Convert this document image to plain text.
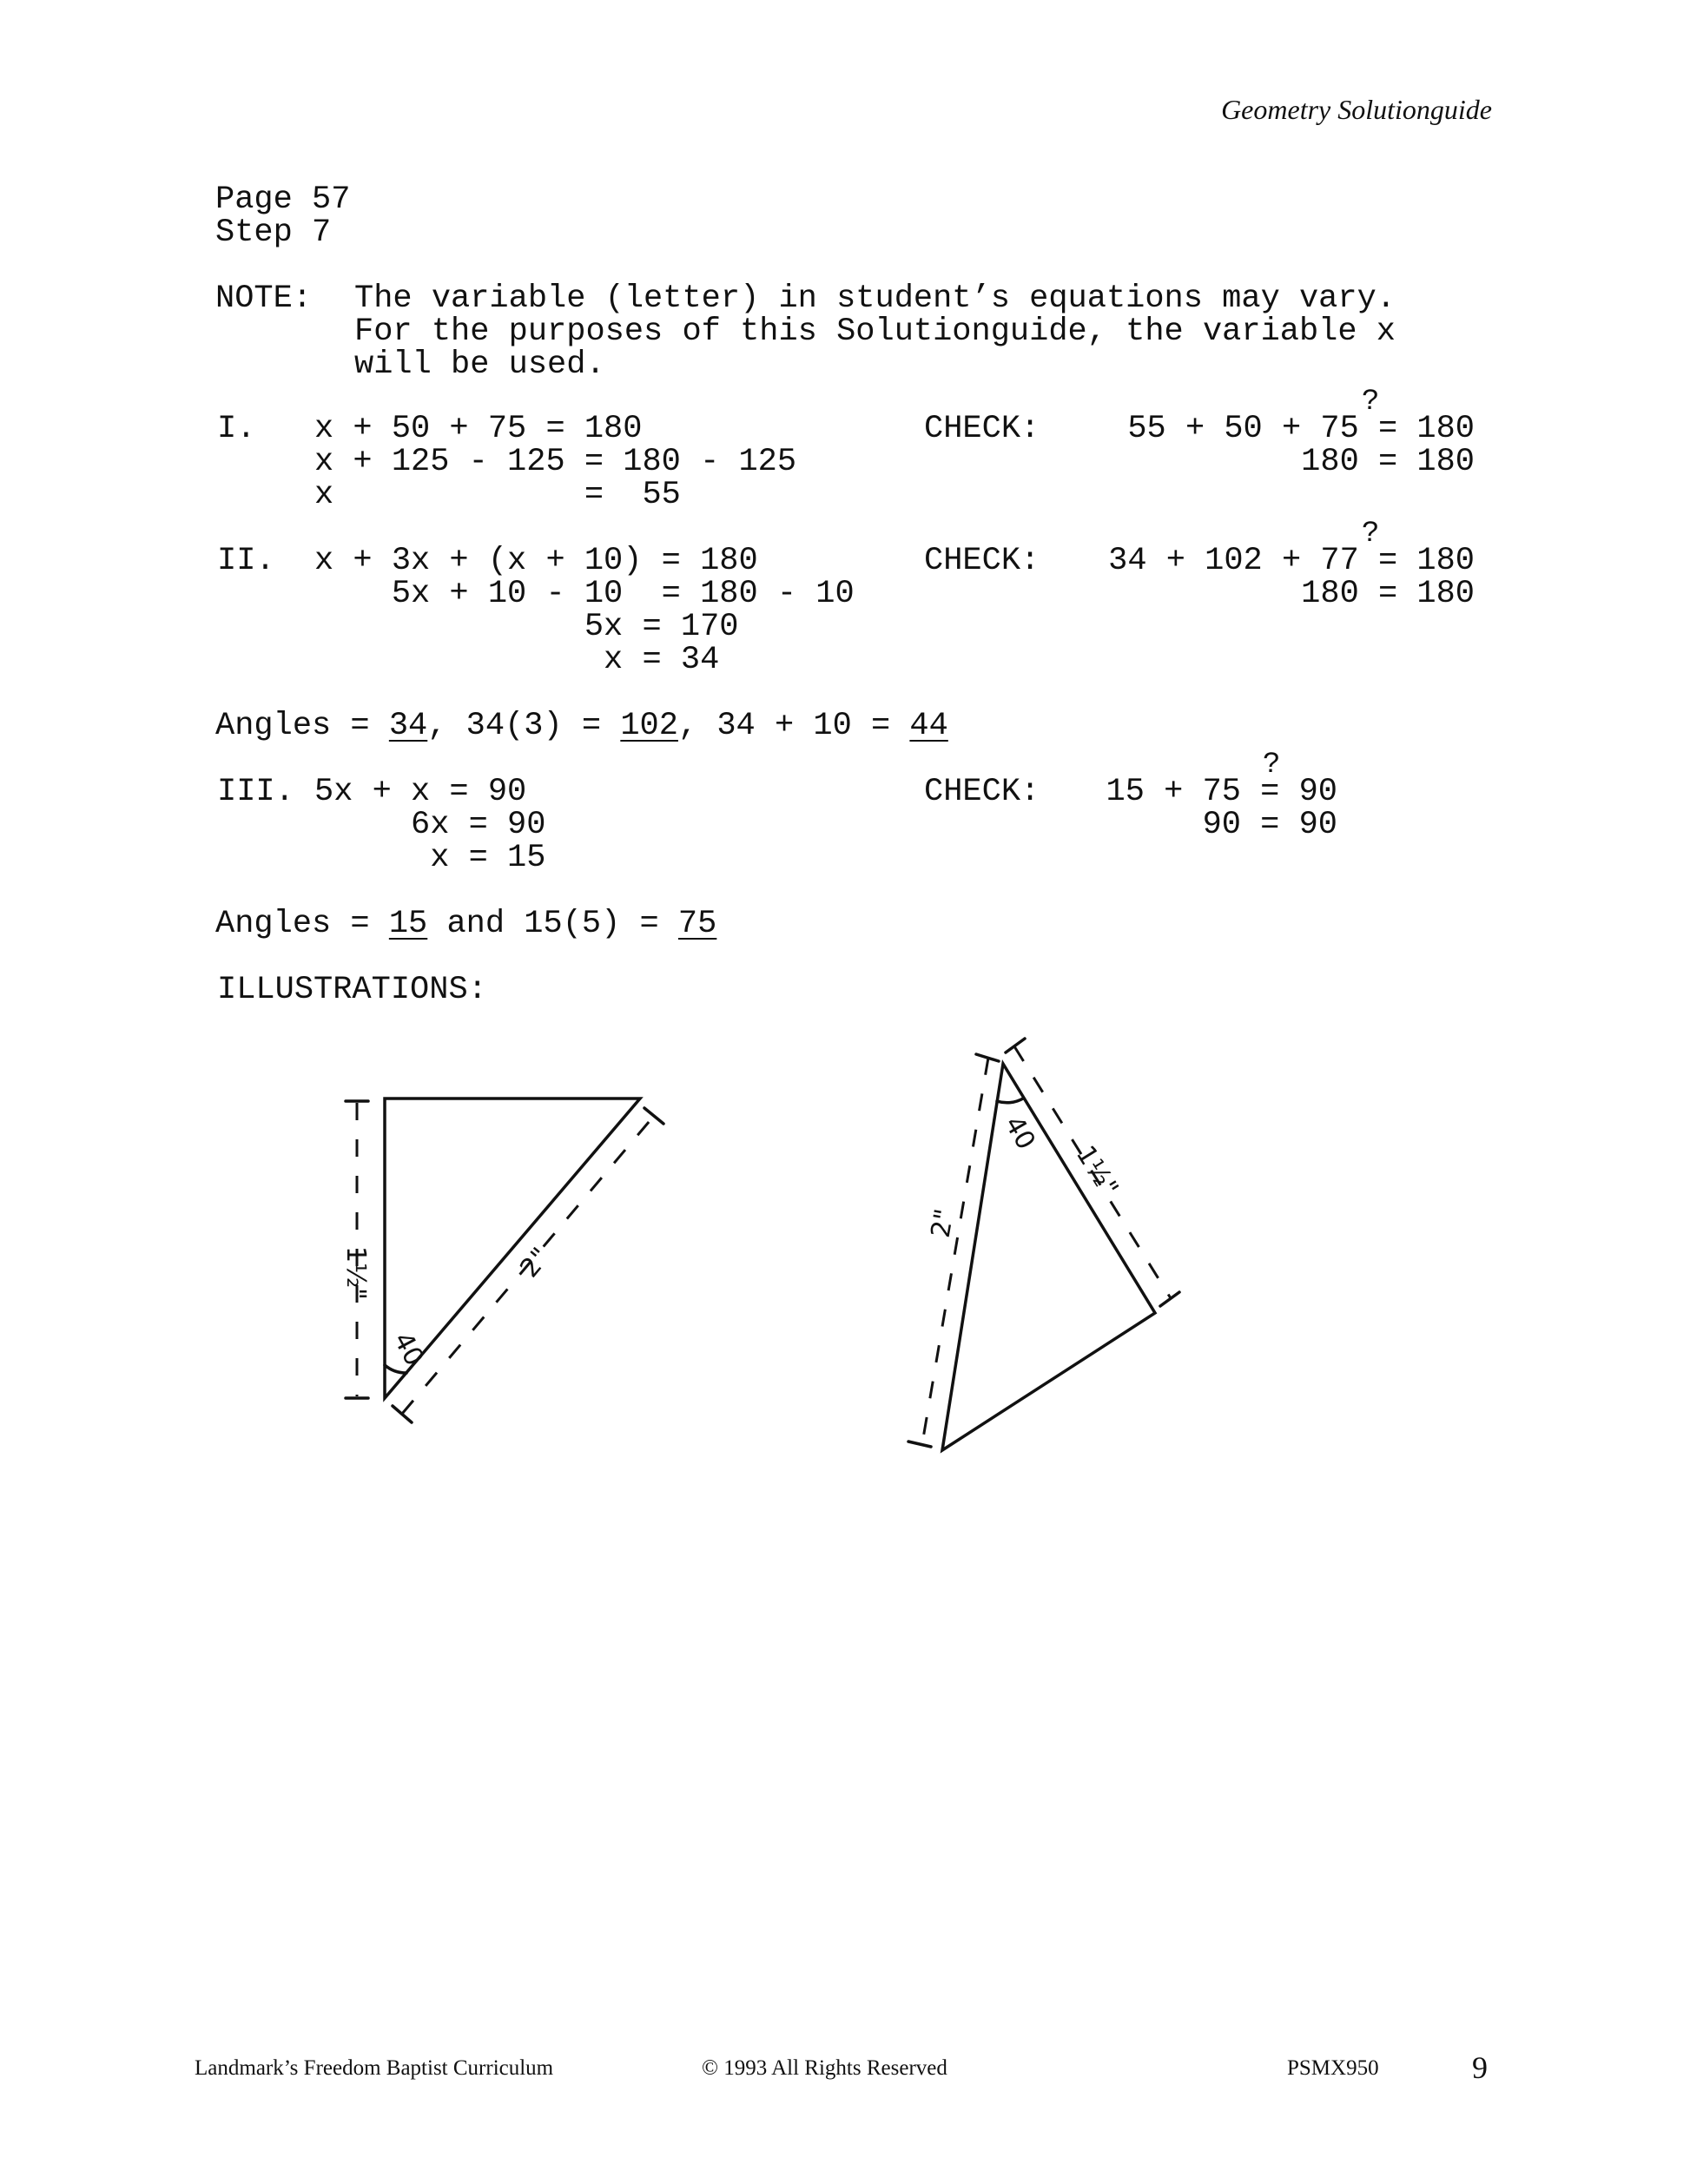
Geometry Solutionguide
Page 57
Step 7
NOTE: The variable (letter) in student’s equations may vary.
For the purposes of this Solutionguide, the variable x
will be used.
I. x + 50 + 75 = 180
x + 125 - 125 = 180 - 125
x             =  55
CHECK:
?
55 + 50 + 75 = 180
180 = 180
II. x + 3x + (x + 10) = 180
5x + 10 - 10  = 180 - 10
5x = 170
x = 34
CHECK:
?
34 + 102 + 77 = 180
180 = 180
Angles = 34, 34(3) = 102, 34 + 10 = 44
III. 5x + x = 90
6x = 90
x = 15
CHECK:
?
15 + 75 = 90
90 = 90
Angles = 15 and 15(5) = 75
ILLUSTRATIONS:
40
1½"	2"
40
2"
1½"
Landmark’s Freedom Baptist Curriculum	© 1993 All Rights Reserved	PSMX950	9
